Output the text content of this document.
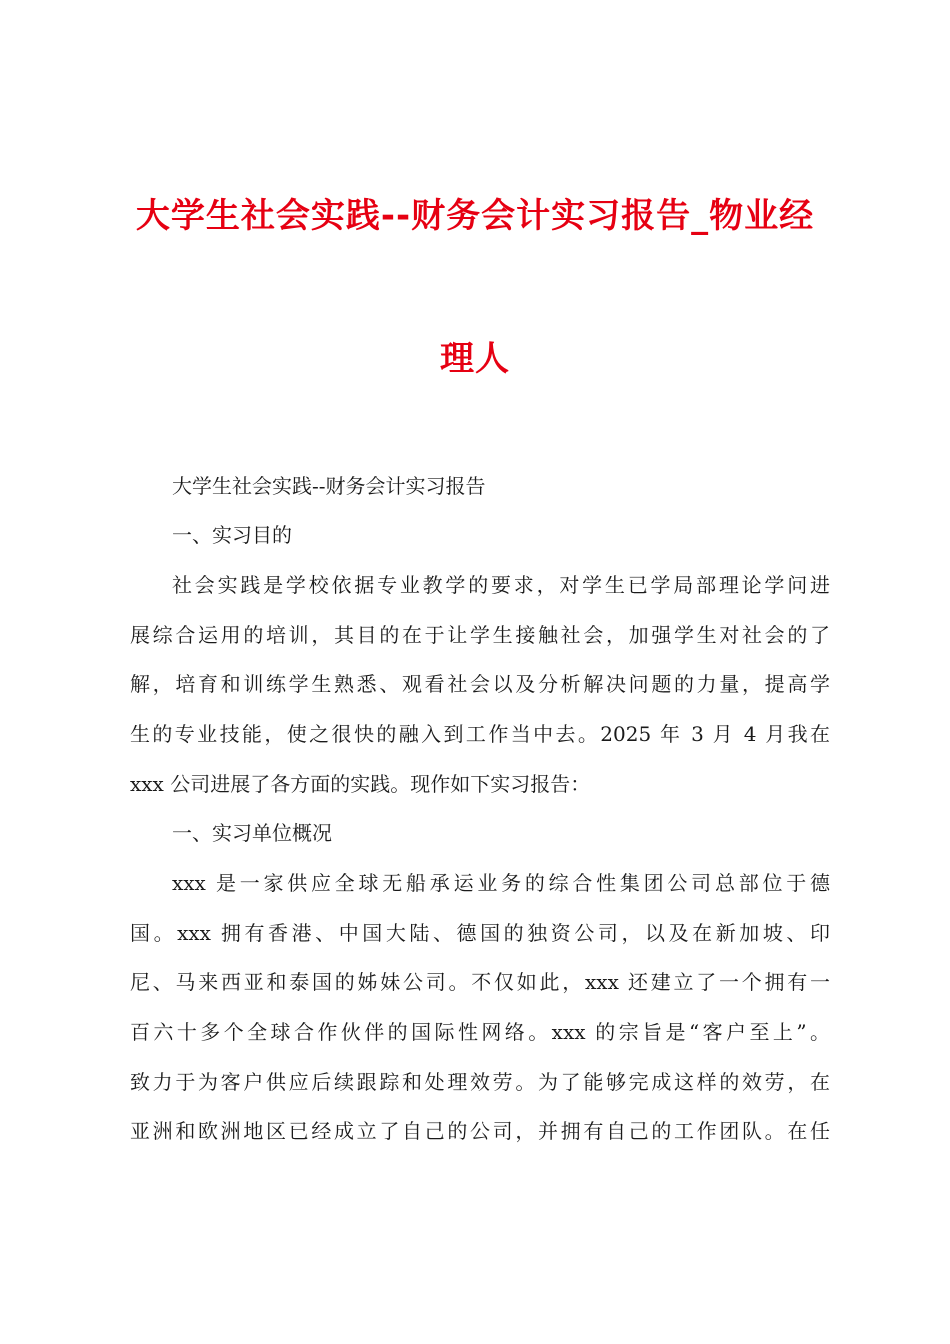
大学生社会实践--财务会计实习报告_物业经
理人
大学生社会实践--财务会计实习报告
一、实习目的
社会实践是学校依据专业教学的要求，对学生已学局部理论学问进
展综合运用的培训，其目的在于让学生接触社会，加强学生对社会的了
解，培育和训练学生熟悉、观看社会以及分析解决问题的力量，提高学
生的专业技能，使之很快的融入到工作当中去。2025 年 3 月 4 月我在
xxx 公司进展了各方面的实践。现作如下实习报告：
一、实习单位概况
xxx 是一家供应全球无船承运业务的综合性集团公司总部位于德
国。xxx 拥有香港、中国大陆、德国的独资公司，以及在新加坡、印
尼、马来西亚和泰国的姊妹公司。不仅如此，xxx 还建立了一个拥有一
百六十多个全球合作伙伴的国际性网络。xxx 的宗旨是“客户至上”。
致力于为客户供应后续跟踪和处理效劳。为了能够完成这样的效劳，在
亚洲和欧洲地区已经成立了自己的公司，并拥有自己的工作团队。在任
